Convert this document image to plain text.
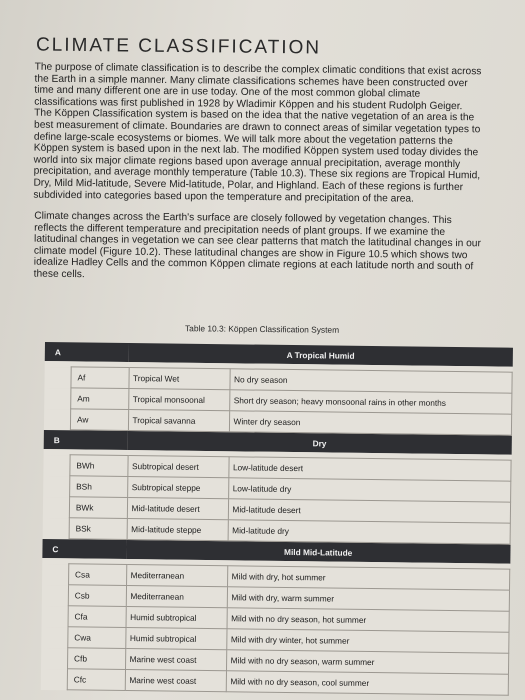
CLIMATE CLASSIFICATION
The purpose of climate classification is to describe the complex climatic conditions that exist across the Earth in a simple manner. Many climate classifications schemes have been constructed over time and many different one are in use today. One of the most common global climate classifications was first published in 1928 by Wladimir Köppen and his student Rudolph Geiger. The Köppen Classification system is based on the idea that the native vegetation of an area is the best measurement of climate. Boundaries are drawn to connect areas of similar vegetation types to define large-scale ecosystems or biomes. We will talk more about the vegetation patterns the Köppen system is based upon in the next lab. The modified Köppen system used today divides the world into six major climate regions based upon average annual precipitation, average monthly precipitation, and average monthly temperature (Table 10.3). These six regions are Tropical Humid, Dry, Mild Mid-latitude, Severe Mid-latitude, Polar, and Highland. Each of these regions is further subdivided into categories based upon the temperature and precipitation of the area.
Climate changes across the Earth's surface are closely followed by vegetation changes. This reflects the different temperature and precipitation needs of plant groups. If we examine the latitudinal changes in vegetation we can see clear patterns that match the latitudinal changes in our climate model (Figure 10.2). These latitudinal changes are show in Figure 10.5 which shows two idealize Hadley Cells and the common Köppen climate regions at each latitude north and south of these cells.
Table 10.3: Köppen Classification System
A		A Tropical Humid	

	Af	Tropical Wet	No dry season
	Am	Tropical monsoonal	Short dry season; heavy monsoonal rains in other months
	Aw	Tropical savanna	Winter dry season
B		Dry	

	BWh	Subtropical desert	Low-latitude desert
	BSh	Subtropical steppe	Low-latitude dry
	BWk	Mid-latitude desert	Mid-latitude desert
	BSk	Mid-latitude steppe	Mid-latitude dry
C		Mild Mid-Latitude	

	Csa	Mediterranean	Mild with dry, hot summer
	Csb	Mediterranean	Mild with dry, warm summer
	Cfa	Humid subtropical	Mild with no dry season, hot summer
	Cwa	Humid subtropical	Mild with dry winter, hot summer
	Cfb	Marine west coast	Mild with no dry season, warm summer
	Cfc	Marine west coast	Mild with no dry season, cool summer
